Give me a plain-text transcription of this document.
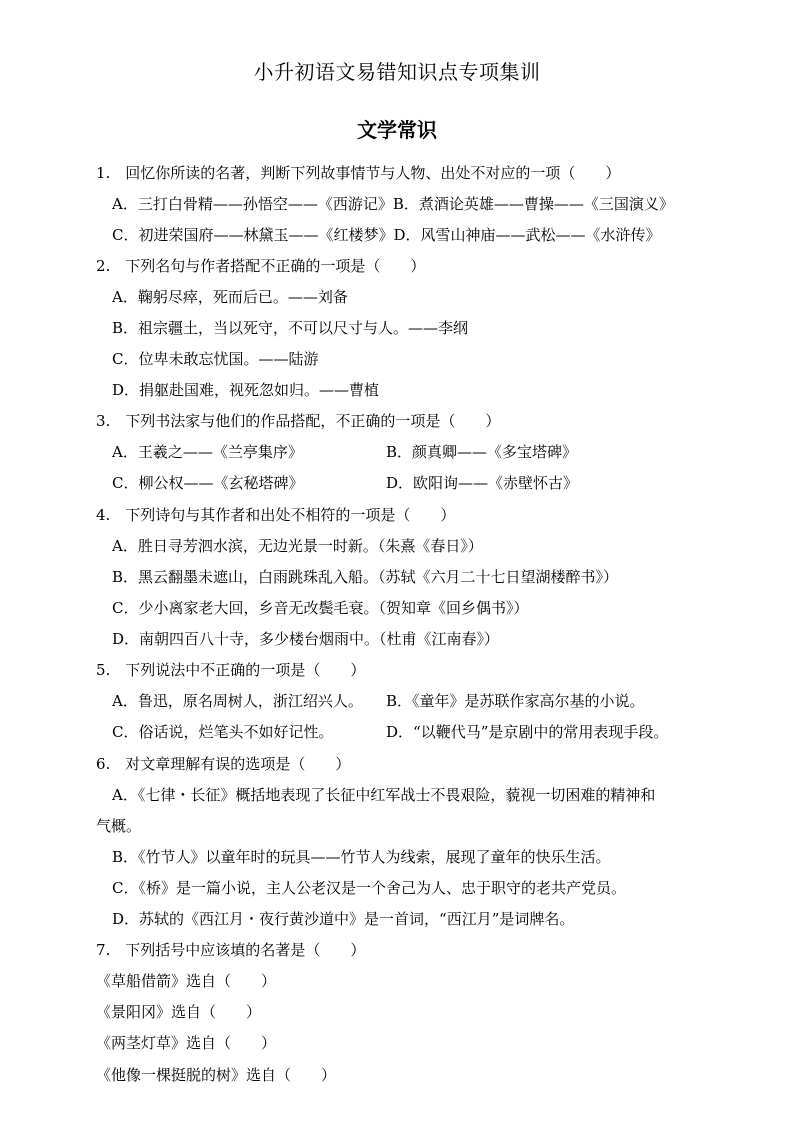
小升初语文易错知识点专项集训
文学常识
1.　回忆你所读的名著，判断下列故事情节与人物、出处不对应的一项（　　）
A．三打白骨精——孙悟空——《西游记》B．煮酒论英雄——曹操——《三国演义》
C．初进荣国府——林黛玉——《红楼梦》D．风雪山神庙——武松——《水浒传》
2.　下列名句与作者搭配不正确的一项是（　　）
A．鞠躬尽瘁，死而后已。——刘备
B．祖宗疆土，当以死守，不可以尺寸与人。——李纲
C．位卑未敢忘忧国。——陆游
D．捐躯赴国难，视死忽如归。——曹植
3.　下列书法家与他们的作品搭配，不正确的一项是（　　）
A．王羲之——《兰亭集序》	B．颜真卿——《多宝塔碑》
C．柳公权——《玄秘塔碑》	D．欧阳询——《赤壁怀古》
4.　下列诗句与其作者和出处不相符的一项是（　　）
A．胜日寻芳泗水滨，无边光景一时新。（朱熹《春日》）
B．黑云翻墨未遮山，白雨跳珠乱入船。（苏轼《六月二十七日望湖楼醉书》）
C．少小离家老大回，乡音无改鬓毛衰。（贺知章《回乡偶书》）
D．南朝四百八十寺，多少楼台烟雨中。（杜甫《江南春》）
5.　下列说法中不正确的一项是（　　）
A．鲁迅，原名周树人，浙江绍兴人。 B．《童年》是苏联作家高尔基的小说。
C．俗话说，烂笔头不如好记性。	D．“以鞭代马”是京剧中的常用表现手段。
6.　对文章理解有误的选项是（　　）
A．《七律・长征》概括地表现了长征中红军战士不畏艰险，藐视一切困难的精神和
气概。
B．《竹节人》以童年时的玩具——竹节人为线索，展现了童年的快乐生活。
C．《桥》是一篇小说，主人公老汉是一个舍己为人、忠于职守的老共产党员。
D．苏轼的《西江月・夜行黄沙道中》是一首词，“西江月”是词牌名。
7.　下列括号中应该填的名著是（　　）
《草船借箭》选自（　　）
《景阳冈》选自（　　）
《两茎灯草》选自（　　）
《他像一棵挺脱的树》选自（　　）
